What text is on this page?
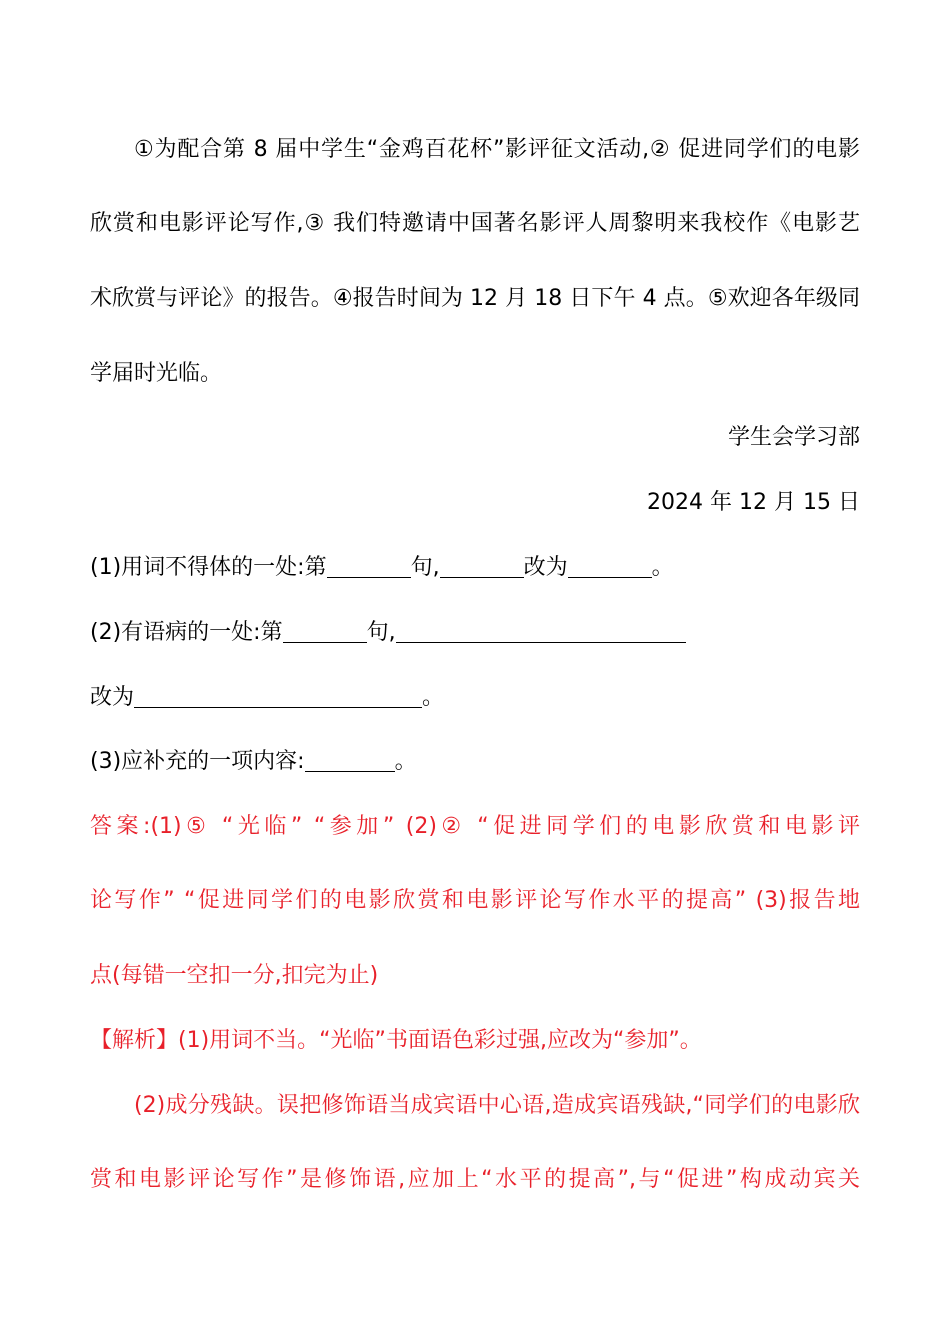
①为配合第 8 届中学生“金鸡百花杯”影评征文活动,② 促进同学们的电影
欣赏和电影评论写作,③ 我们特邀请中国著名影评人周黎明来我校作《电影艺
术欣赏与评论》的报告。④报告时间为 12 月 18 日下午 4 点。⑤欢迎各年级同
学届时光临。
学生会学习部
2024 年 12 月 15 日
(1)用词不得体的一处:第	句,	改为	。
(2)有语病的一处:第	句,
改为	。
(3)应补充的一项内容:	。
答案:(1)⑤ “光临” “参加” (2)② “促进同学们的电影欣赏和电影评
论写作” “促进同学们的电影欣赏和电影评论写作水平的提高” (3)报告地
点(每错一空扣一分,扣完为止)
【解析】(1)用词不当。“光临”书面语色彩过强,应改为“参加”。
(2)成分残缺。误把修饰语当成宾语中心语,造成宾语残缺,“同学们的电影欣
赏和电影评论写作”是修饰语,应加上“水平的提高”,与“促进”构成动宾关
